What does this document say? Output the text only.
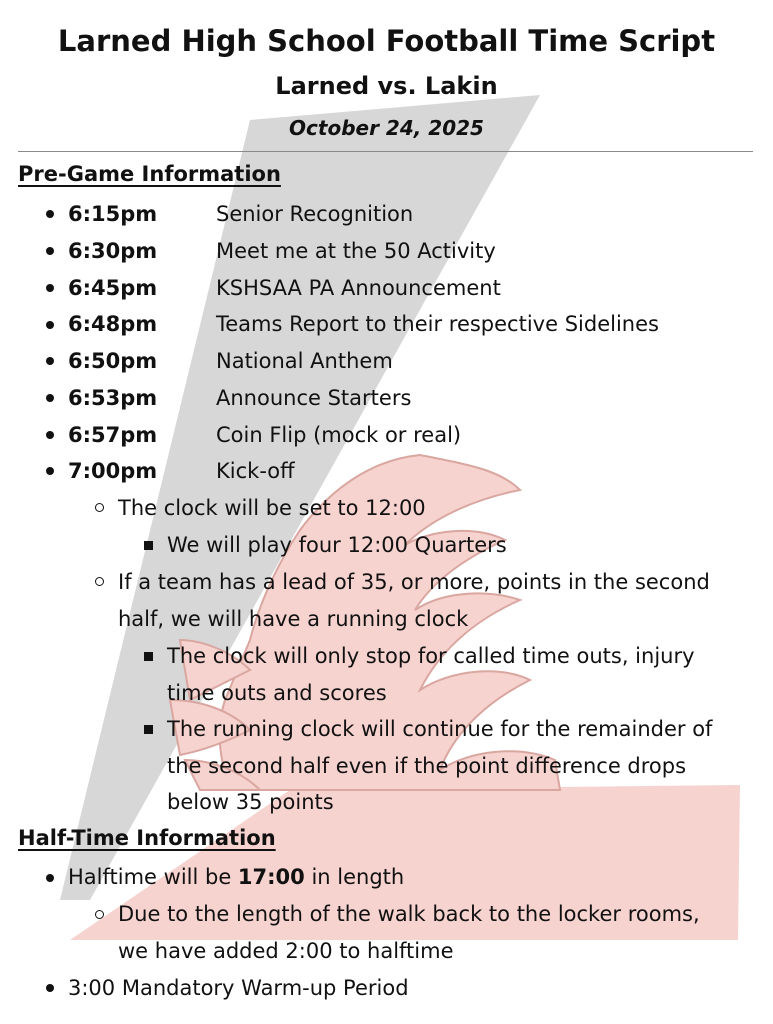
Larned High School Football Time Script
Larned vs. Lakin
October 24, 2025
Pre-Game Information
6:15pm	Senior Recognition
6:30pm	Meet me at the 50 Activity
6:45pm	KSHSAA PA Announcement
6:48pm	Teams Report to their respective Sidelines
6:50pm	National Anthem
6:53pm	Announce Starters
6:57pm	Coin Flip (mock or real)
7:00pm	Kick-off
The clock will be set to 12:00
We will play four 12:00 Quarters
If a team has a lead of 35, or more, points in the second half, we will have a running clock
The clock will only stop for called time outs, injury time outs and scores
The running clock will continue for the remainder of the second half even if the point difference drops below 35 points
Half-Time Information
Halftime will be 17:00 in length
Due to the length of the walk back to the locker rooms, we have added 2:00 to halftime
3:00 Mandatory Warm-up Period
